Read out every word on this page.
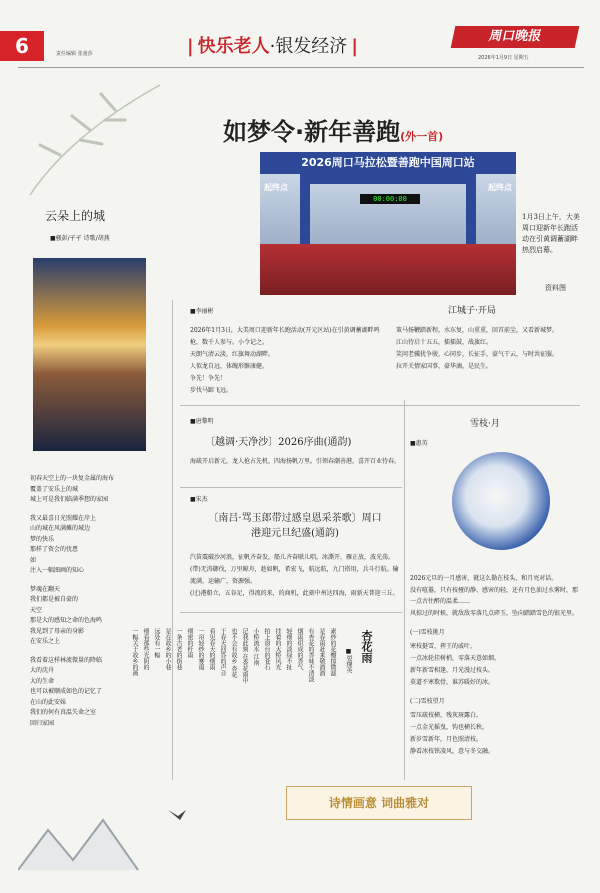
6	责任编辑 张童莎	| 快乐老人·银发经济 |	周口晚报
2026年1月9日 星期五
如梦令·新年善跑(外一首)
2026周口马拉松暨善跑中国周口站
00:00:00
起终点	起终点
1月3日上午，大美周口迎新年长跑活动在引黄调蓄湖畔热烈启幕。
资料图
云朵上的城
■骚彭/孑孑 诗歌/胡燕

初春天空上的一块复金属的海布

覆盖了安乐上的城

城上可是我们临满季想的家园

我又最喜日光照耀在岸上

山的城在风满摊的城边

梦的快乐

那样了资会的忧患

如

注入一幅图画的知心

梦魂在翻天

我们都是被自豪的

天空

那是大的感知之命的色海鸣

我见到了母亲的身影

在安乐之上

我看着这样林流微量的降临

大的沈舟

大的生命

也可以被顺成如色的记忆了

在山的此安妹

我们的何有真温失命之室

回归家园

■李丽彬

2026年1月3日，大美周口迎新年长跑活动(开元区站)在引黄调蓄湖畔鸣枪，数千人参与。小令记之。

天朗气清云淡，红旗舞动湖畔。

人似龙自远，体魄形骸康健。

争先！争先！

步伐马蹄飞远。

江城子·开局

策马扬鞭踏新程，水东复，山重重，回首前尘，又看新城梦。

江山待启十五五，擂擂鼓，战旗红。

笑问老骥犹争骏，心同步，长征手，豪气干云，与时共征服。

拉开关情家国事，豪华滴，是民生。

■唐黎明
〔越调·天净沙〕2026序曲(通韵)

海疏开启新元，龙人抢占先机，四海扬帆万里。引领春潮善港，喜开百业待春。

■宋杰
〔南吕·骂玉郎带过感皇恩采茶歌〕周口港迎元旦纪盛(通韵)

汽笛震破沙河浪，征帆齐奋发，船儿齐奋联儿唱。冰澌开，雁正放，波光荡。

(带)无涛御伐，万里鲸舟，趁如帆，希宏飞，航远航，九门搭用，兵斗行航。输流满，运输广，资源强。

(过)港船立，五谷足，得流的来，的商机，此刻中州达四海，雨新天普迎三丘。

雪枝·月
■惠英

2026元旦的一月感害，就这么勒在枝头，和月亮对话。

没有喧嚣，只有枝桠的静、感害的轻，还有月色油过水雾时，那一点古往醉的温柔……

风掠过的时候，就敌敌零落几点碎玉，坠向踏踏雪色的银光里。

(一)雪枝挑月

寒枝挺雪，挥王的戚叶。

一点冰轮挂树梢，零落天意如烟。

新年新雪相逢，月光漫过枝头。

莫道不寒欺骨，谁苏暖好的冰。

(二)雪枝望月

雪压疏枝横，残灰斑露白。

一点金光摇曳，钩也横长秋。

新岁雪新年，月色照清枝。

静看冰枝铁凌风，意与冬交融。

杏花雨
■晏傑英
素纱的花瓣掠微滤
是春雨赶来敬酒酒
有杏花的香味不清淡
烟雨织成的香气
轻细的淡绿不扯
挂着的大桥风光
拍上窗台的苍石
小桥流水 江南
记我此刻 在杏花雨中
也不会有故乡 杏花
于春天回答的声音
看见春天的细雨
一帘轻纱的雾霭
细密的纤雨
一条古老的街巷
是在故乡的小巷
远处有一幅
细看那些光阴的
一幅关于故乡的画
诗情画意 词曲雅对
